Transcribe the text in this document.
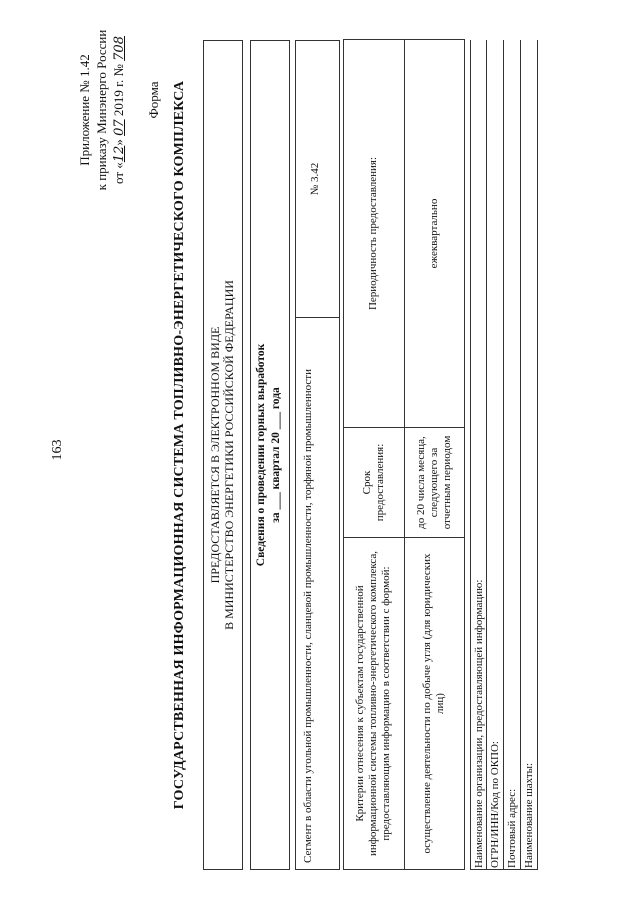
163
Приложение № 1.42 к приказу Минэнерго России от «12» 07 2019 г. № 708
Форма ГОСУДАРСТВЕННАЯ ИНФОРМАЦИОННАЯ СИСТЕМА ТОПЛИВНО-ЭНЕРГЕТИЧЕСКОГО КОМПЛЕКСА ПРЕДОСТАВЛЯЕТСЯ В ЭЛЕКТРОННОМ ВИДЕ В МИНИСТЕРСТВО ЭНЕРГЕТИКИ РОССИЙСКОЙ ФЕДЕРАЦИИ Сведения о проведении горных выработок за ___ квартал 20 ___ года	Сегмент в области угольной промышленности, сланцевой промышленности, торфяной промышленности
№ 3.42
Критерии отнесения к субъектам государственной информационной системы топливно-энергетического комплекса, предоставляющим информацию в соответствии с формой:	Срок предоставления:	Периодичность предоставления:
осуществление деятельности по добыче угля (для юридических лиц)	до 20 числа месяца, следующего за отчетным периодом	ежеквартально
Наименование организации, предоставляющей информацию: ОГРН/ИНН/Код по ОКПО: Почтовый адрес: Наименование шахты:
